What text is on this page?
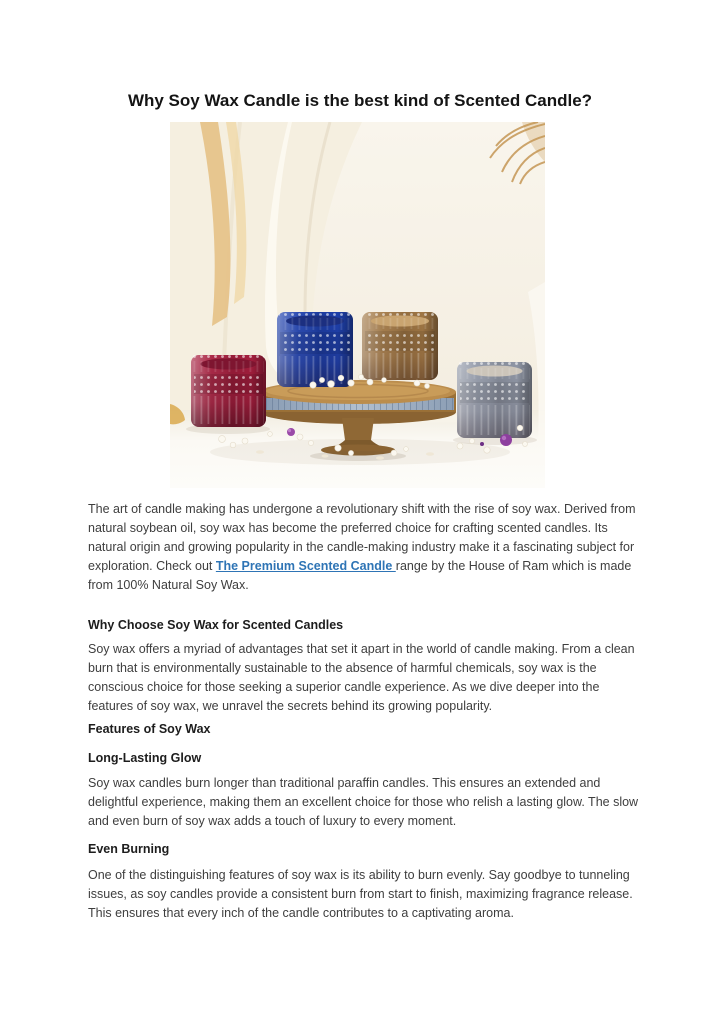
Why Soy Wax Candle is the best kind of Scented Candle?

The art of candle making has undergone a revolutionary shift with the rise of soy wax. Derived from natural soybean oil, soy wax has become the preferred choice for crafting scented candles. Its natural origin and growing popularity in the candle-making industry make it a fascinating subject for exploration. Check out The Premium Scented Candle range by the House of Ram which is made from 100% Natural Soy Wax.

Why Choose Soy Wax for Scented Candles

Soy wax offers a myriad of advantages that set it apart in the world of candle making. From a clean burn that is environmentally sustainable to the absence of harmful chemicals, soy wax is the conscious choice for those seeking a superior candle experience. As we dive deeper into the features of soy wax, we unravel the secrets behind its growing popularity.

Features of Soy Wax
Long-Lasting Glow

Soy wax candles burn longer than traditional paraffin candles. This ensures an extended and delightful experience, making them an excellent choice for those who relish a lasting glow. The slow and even burn of soy wax adds a touch of luxury to every moment.

Even Burning

One of the distinguishing features of soy wax is its ability to burn evenly. Say goodbye to tunneling issues, as soy candles provide a consistent burn from start to finish, maximizing fragrance release. This ensures that every inch of the candle contributes to a captivating aroma.
